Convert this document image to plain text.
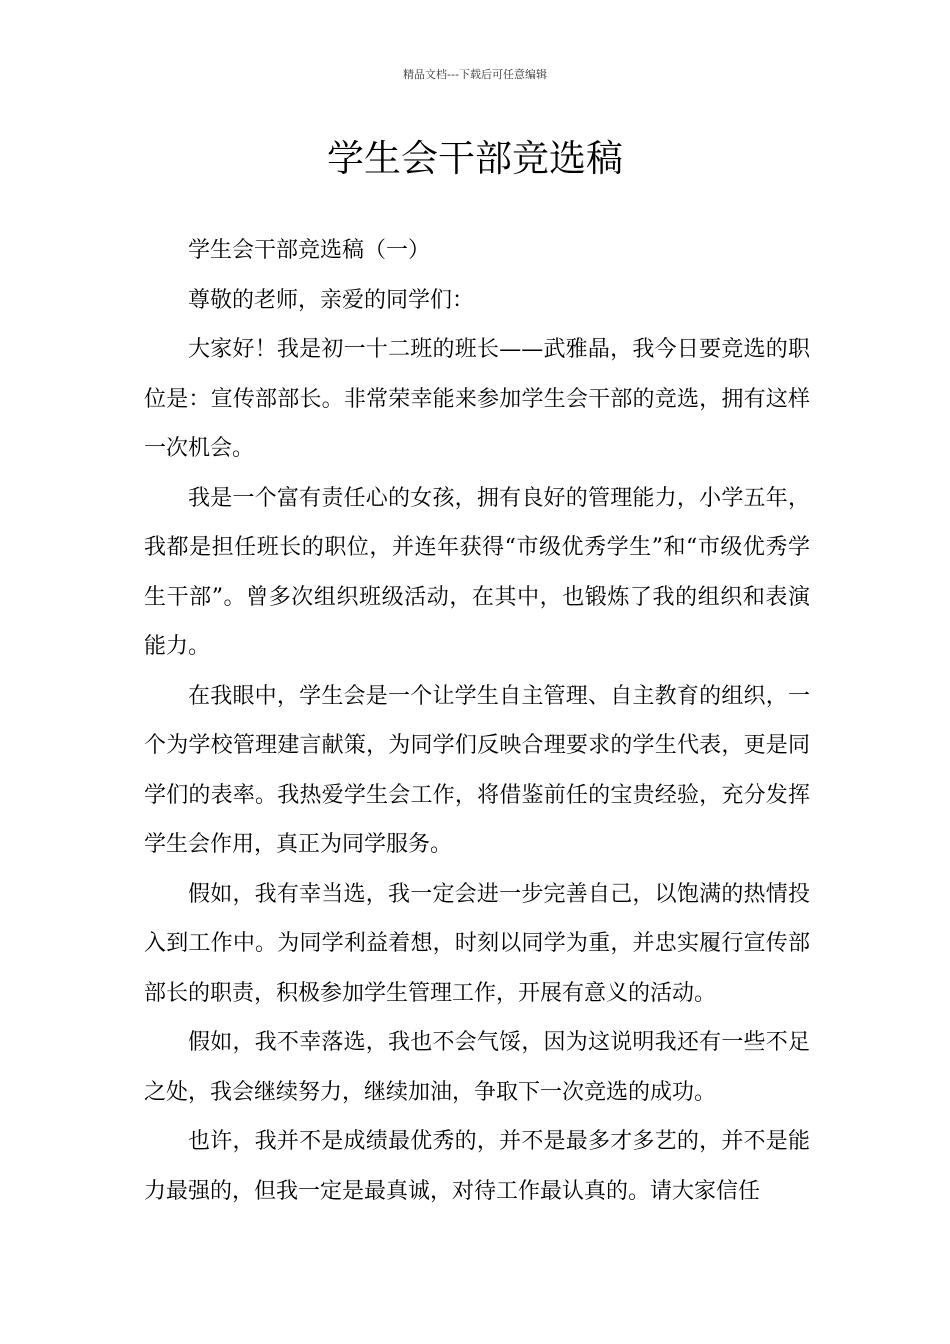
精品文档---下载后可任意编辑
学生会干部竞选稿

学生会干部竞选稿（一）

尊敬的老师，亲爱的同学们：

大家好！我是初一十二班的班长——武雅晶，我今日要竞选的职位是：宣传部部长。非常荣幸能来参加学生会干部的竞选，拥有这样一次机会。

我是一个富有责任心的女孩，拥有良好的管理能力，小学五年，我都是担任班长的职位，并连年获得“市级优秀学生”和“市级优秀学生干部”。曾多次组织班级活动，在其中，也锻炼了我的组织和表演能力。

在我眼中，学生会是一个让学生自主管理、自主教育的组织，一个为学校管理建言献策，为同学们反映合理要求的学生代表，更是同学们的表率。我热爱学生会工作，将借鉴前任的宝贵经验，充分发挥学生会作用，真正为同学服务。

假如，我有幸当选，我一定会进一步完善自己，以饱满的热情投入到工作中。为同学利益着想，时刻以同学为重，并忠实履行宣传部部长的职责，积极参加学生管理工作，开展有意义的活动。

假如，我不幸落选，我也不会气馁，因为这说明我还有一些不足之处，我会继续努力，继续加油，争取下一次竞选的成功。

也许，我并不是成绩最优秀的，并不是最多才多艺的，并不是能力最强的，但我一定是最真诚，对待工作最认真的。请大家信任
